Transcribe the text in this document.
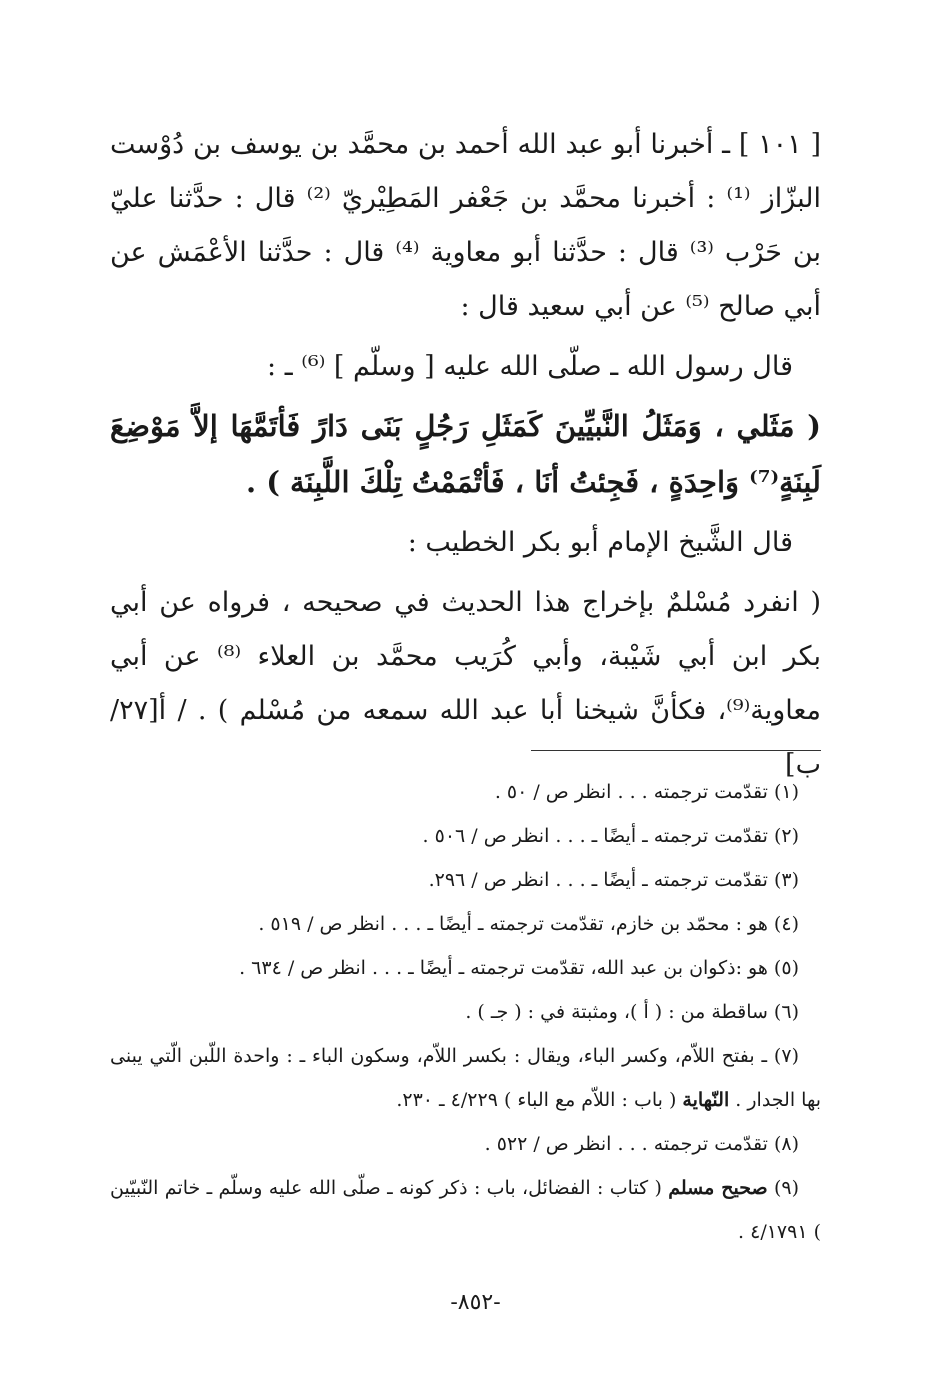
[ ١٠١ ] ـ أخبرنا أبو عبد الله أحمد بن محمَّد بن يوسف بن دُوْست البزّاز ⁽¹⁾ : أخبرنا محمَّد بن جَعْفر المَطِيْريّ ⁽²⁾ قال : حدَّثنا عليّ بن حَرْب ⁽³⁾ قال : حدَّثنا أبو معاوية ⁽⁴⁾ قال : حدَّثنا الأعْمَش عن أبي صالح ⁽⁵⁾ عن أبي سعيد قال :

قال رسول الله ـ صلّى الله عليه [ وسلّم ] ⁽⁶⁾ ـ :

( مَثَلي ، وَمَثَلُ النَّبيِّينَ كَمَثَلِ رَجُلٍ بَنَى دَارً فَأتَمَّهَا إلاَّ مَوْضِعَ لَبِنَةٍ⁽⁷⁾ وَاحِدَةٍ ، فَجِئتُ أنَا ، فَأتْمَمْتُ تِلْكَ اللَّبِنَة ) .

قال الشَّيخ الإمام أبو بكر الخطيب :

( انفرد مُسْلمٌ بإخراج هذا الحديث في صحيحه ، فرواه عن أبي بكر ابن أبي شَيْبة، وأبي كُرَيب محمَّد بن العلاء ⁽⁸⁾ عن أبي معاوية⁽⁹⁾، فكأنَّ شيخنا أبا عبد الله سمعه من مُسْلم ) . / أ[٢٧/ب]

(١) تقدّمت ترجمته . . . انظر ص / ٥٠ .

(٢) تقدّمت ترجمته ـ أيضًا ـ . . . انظر ص / ٥٠٦ .

(٣) تقدّمت ترجمته ـ أيضًا ـ . . . انظر ص / ٢٩٦.

(٤) هو : محمّد بن خازم، تقدّمت ترجمته ـ أيضًا ـ . . . انظر ص / ٥١٩ .

(٥) هو :ذكوان بن عبد الله، تقدّمت ترجمته ـ أيضًا ـ . . . انظر ص / ٦٣٤ .

(٦) ساقطة من : ( أ )، ومثبتة في : ( جـ ) .

(٧) ـ بفتح اللاّم، وكسر الباء، ويقال : بكسر اللاّم، وسكون الباء ـ : واحدة اللّبن الّتي يبنى بها الجدار . النّهاية ( باب : اللاّم مع الباء ) ٤/٢٢٩ ـ ٢٣٠.

(٨) تقدّمت ترجمته . . . انظر ص / ٥٢٢ .

(٩) صحيح مسلم ( كتاب : الفضائل، باب : ذكر كونه ـ صلّى الله عليه وسلّم ـ خاتم النّبيّين ) ٤/١٧٩١ .

-٨٥٢-
